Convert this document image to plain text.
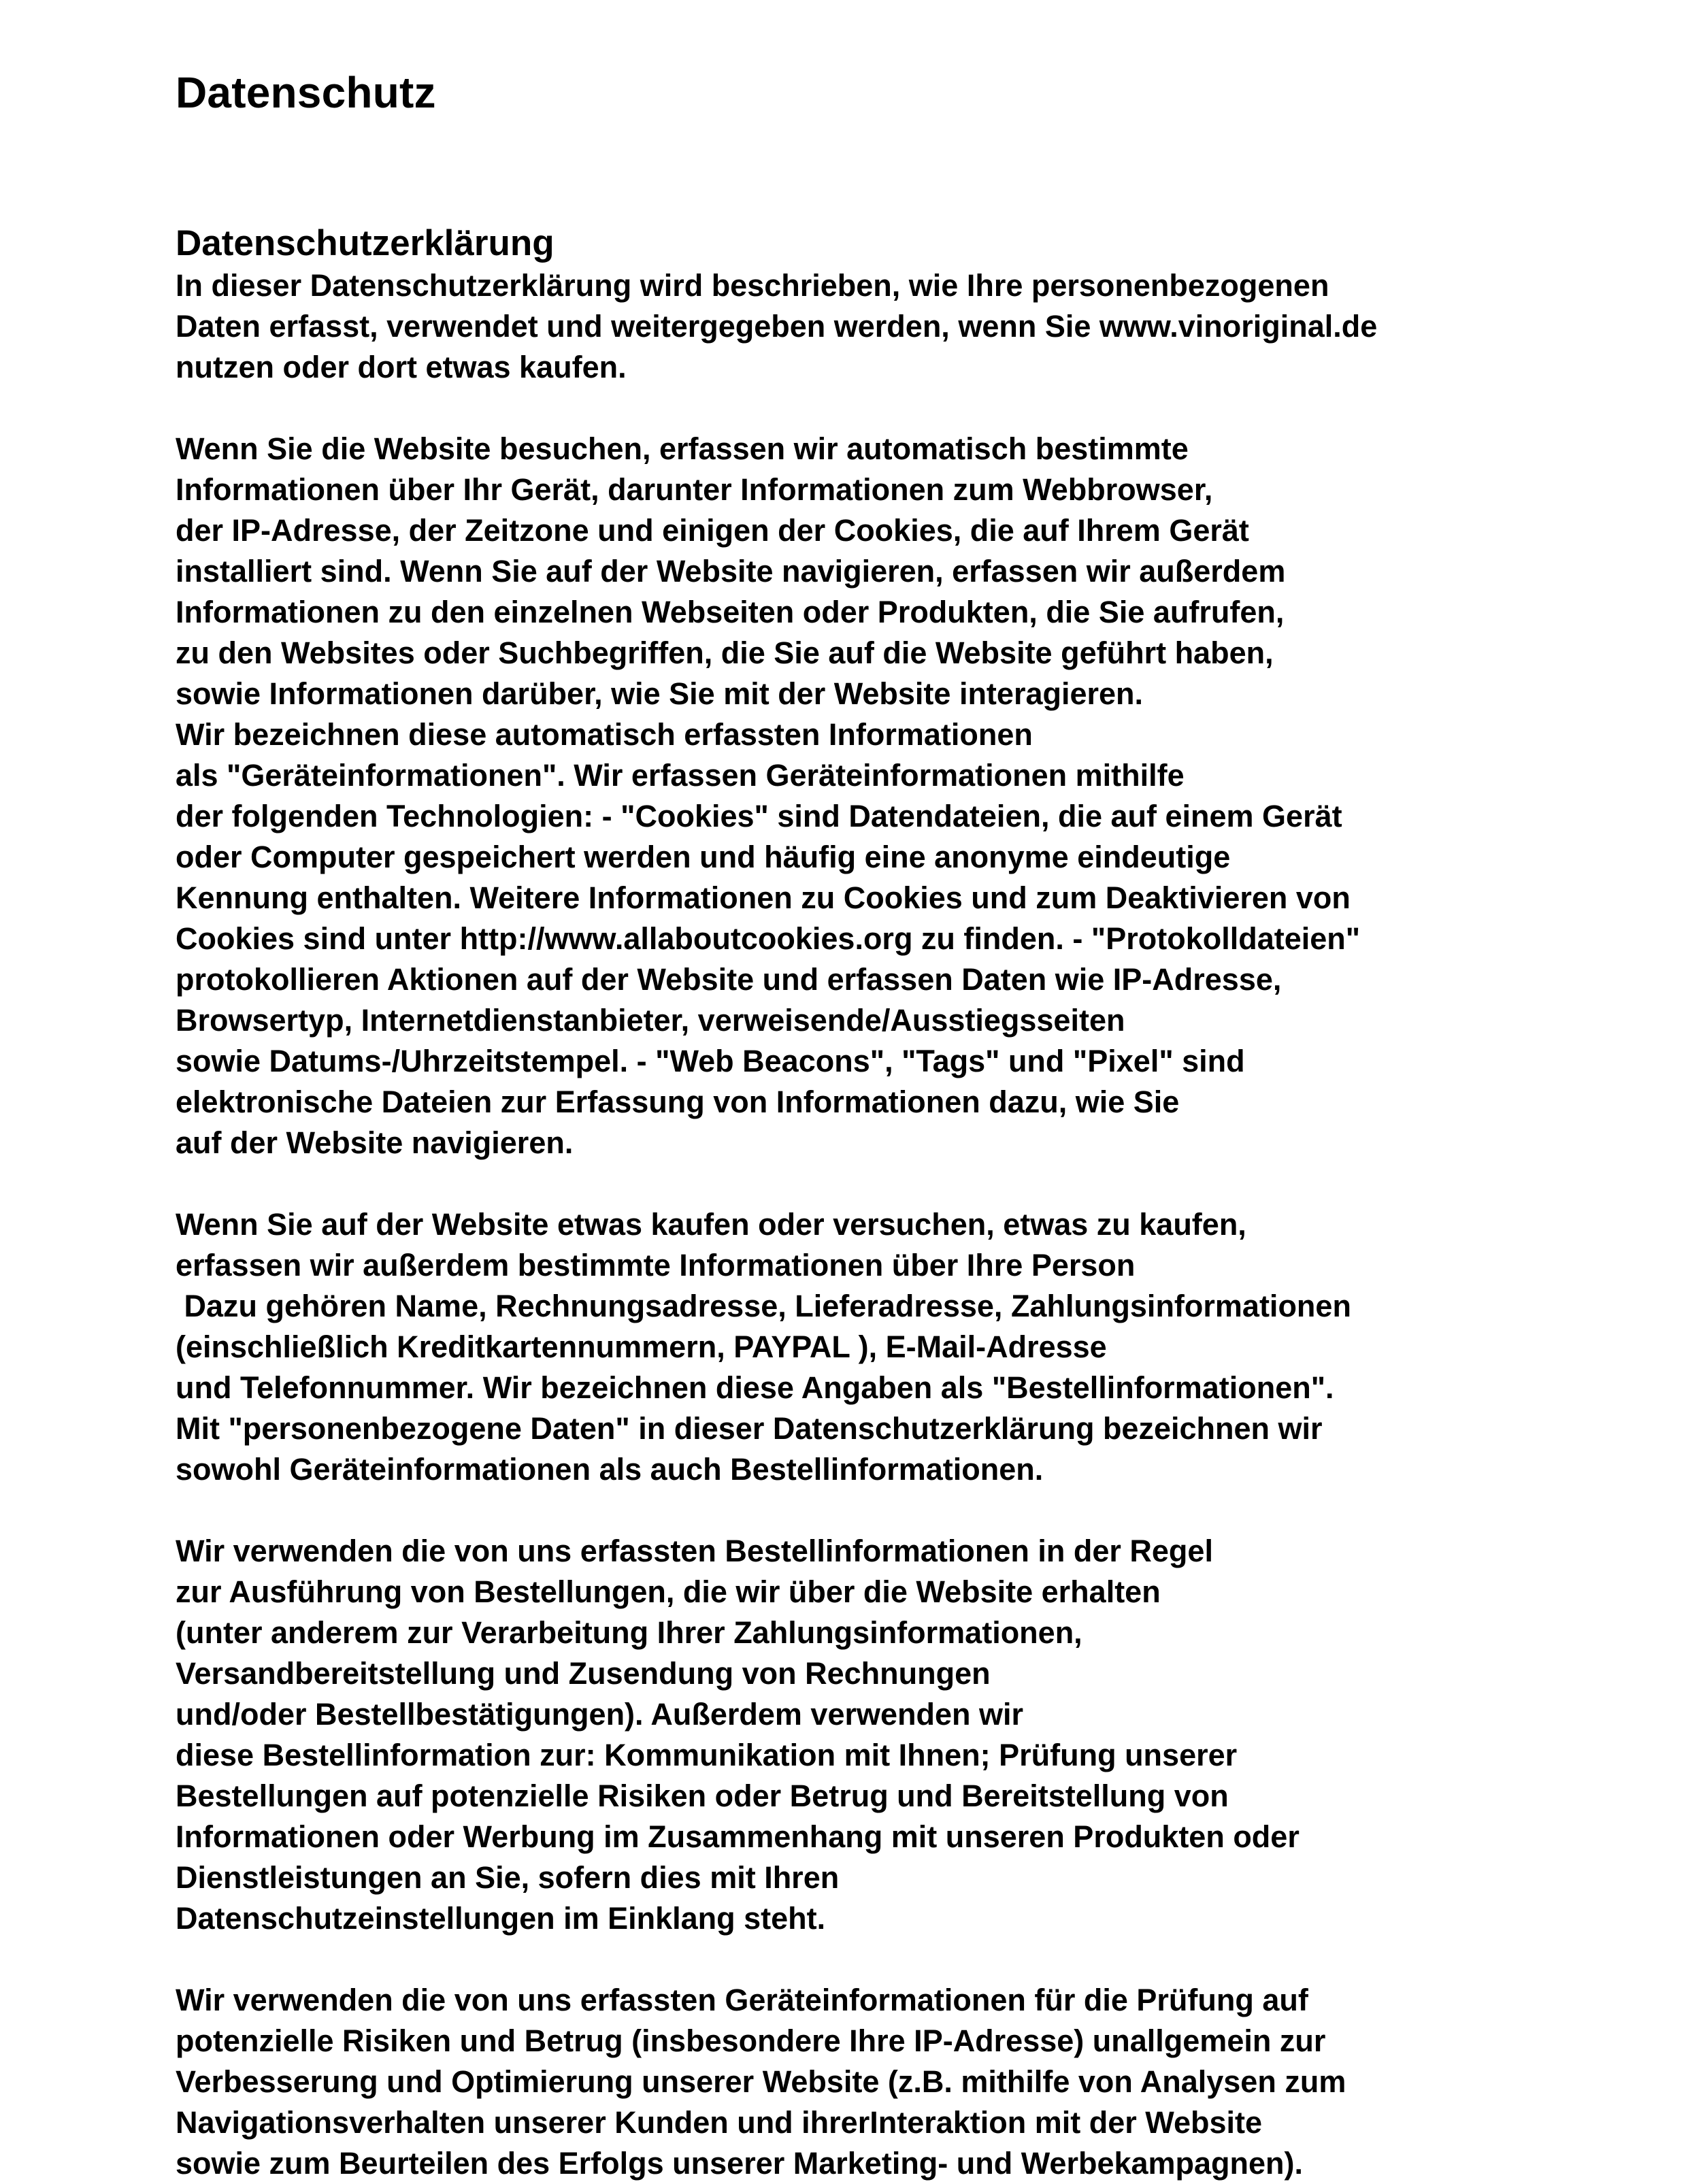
Datenschutz
Datenschutzerklärung
In dieser Datenschutzerklärung wird beschrieben, wie Ihre personenbezogenen
Daten erfasst, verwendet und weitergegeben werden, wenn Sie www.vinoriginal.de
nutzen oder dort etwas kaufen.
Wenn Sie die Website besuchen, erfassen wir automatisch bestimmte
Informationen über Ihr Gerät, darunter Informationen zum Webbrowser,
der IP-Adresse, der Zeitzone und einigen der Cookies, die auf Ihrem Gerät
installiert sind. Wenn Sie auf der Website navigieren, erfassen wir außerdem
Informationen zu den einzelnen Webseiten oder Produkten, die Sie aufrufen,
zu den Websites oder Suchbegriffen, die Sie auf die Website geführt haben,
sowie Informationen darüber, wie Sie mit der Website interagieren.
Wir bezeichnen diese automatisch erfassten Informationen
als "Geräteinformationen". Wir erfassen Geräteinformationen mithilfe
der folgenden Technologien: - "Cookies" sind Datendateien, die auf einem Gerät
oder Computer gespeichert werden und häufig eine anonyme eindeutige
Kennung enthalten. Weitere Informationen zu Cookies und zum Deaktivieren von
Cookies sind unter http://www.allaboutcookies.org zu finden. - "Protokolldateien"
protokollieren Aktionen auf der Website und erfassen Daten wie IP-Adresse,
Browsertyp, Internetdienstanbieter, verweisende/Ausstiegsseiten
sowie Datums-/Uhrzeitstempel. - "Web Beacons", "Tags" und "Pixel" sind
elektronische Dateien zur Erfassung von Informationen dazu, wie Sie
auf der Website navigieren.
Wenn Sie auf der Website etwas kaufen oder versuchen, etwas zu kaufen,
erfassen wir außerdem bestimmte Informationen über Ihre Person
Dazu gehören Name, Rechnungsadresse, Lieferadresse, Zahlungsinformationen
(einschließlich Kreditkartennummern, PAYPAL ), E-Mail-Adresse
und Telefonnummer. Wir bezeichnen diese Angaben als "Bestellinformationen".
Mit "personenbezogene Daten" in dieser Datenschutzerklärung bezeichnen wir
sowohl Geräteinformationen als auch Bestellinformationen.
Wir verwenden die von uns erfassten Bestellinformationen in der Regel
zur Ausführung von Bestellungen, die wir über die Website erhalten
(unter anderem zur Verarbeitung Ihrer Zahlungsinformationen,
Versandbereitstellung und Zusendung von Rechnungen
und/oder Bestellbestätigungen). Außerdem verwenden wir
diese Bestellinformation zur: Kommunikation mit Ihnen; Prüfung unserer
Bestellungen auf potenzielle Risiken oder Betrug und Bereitstellung von
Informationen oder Werbung im Zusammenhang mit unseren Produkten oder
Dienstleistungen an Sie, sofern dies mit Ihren
Datenschutzeinstellungen im Einklang steht.
Wir verwenden die von uns erfassten Geräteinformationen für die Prüfung auf
potenzielle Risiken und Betrug (insbesondere Ihre IP-Adresse) unallgemein zur
Verbesserung und Optimierung unserer Website (z.B. mithilfe von Analysen zum
Navigationsverhalten unserer Kunden und ihrerInteraktion mit der Website
sowie zum Beurteilen des Erfolgs unserer Marketing- und Werbekampagnen).
